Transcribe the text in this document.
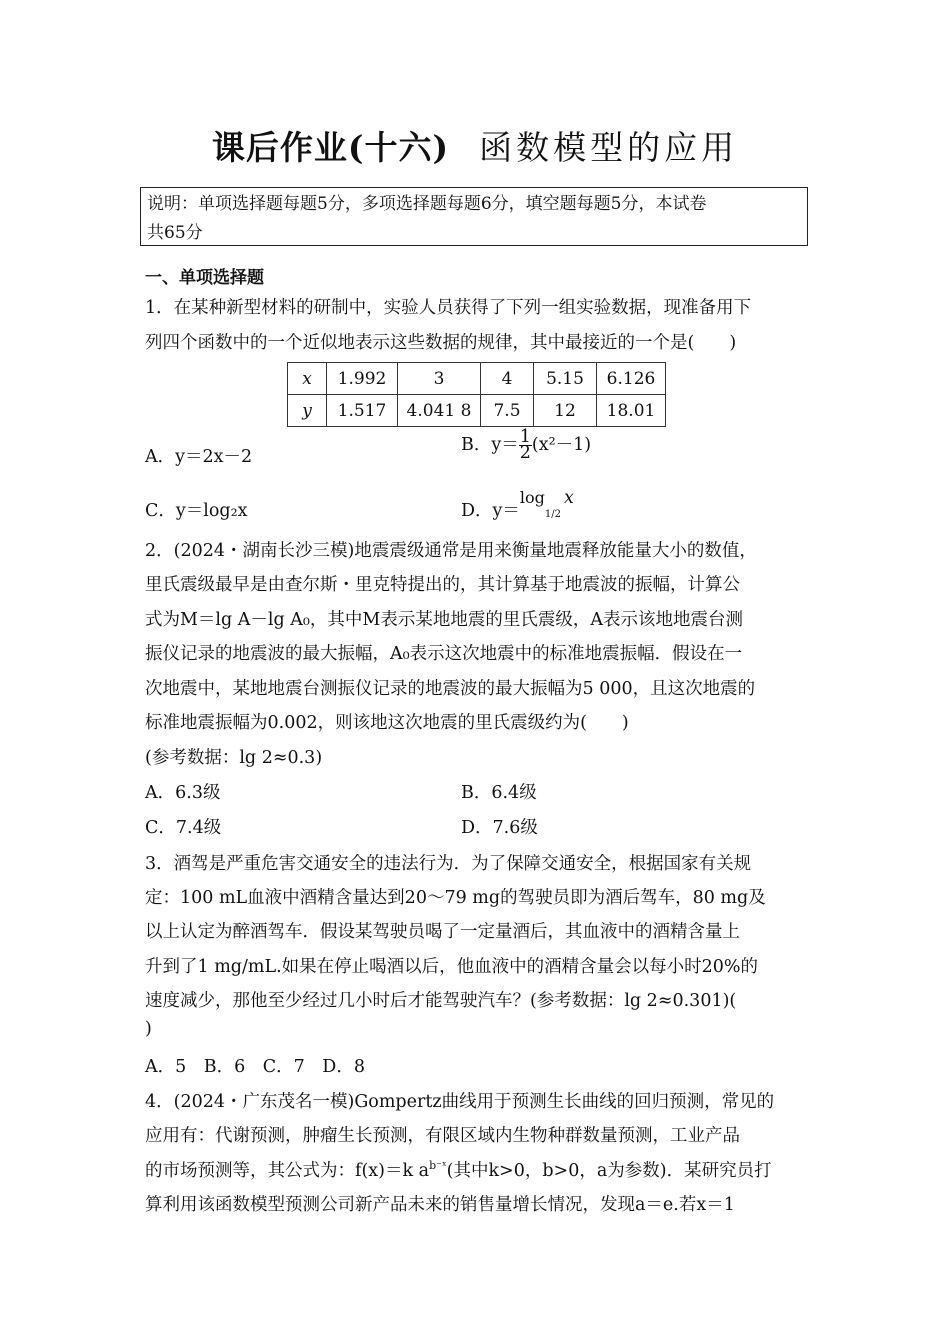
课后作业(十六) 函数模型的应用
说明：单项选择题每题5分，多项选择题每题6分，填空题每题5分，本试卷
共65分
一、单项选择题
1．在某种新型材料的研制中，实验人员获得了下列一组实验数据，现准备用下
列四个函数中的一个近似地表示这些数据的规律，其中最接近的一个是(　　)
x	1.992	3	4	5.15	6.126
y	1.517	4.041 8	7.5	12	18.01
A．y＝2x－2
B．$y= \frac{1}{2} (x^2-1)$
C．y＝log₂x	D．$y=\log_{1/2}x$
2．(2024・湖南长沙三模)地震震级通常是用来衡量地震释放能量大小的数值，
里氏震级最早是由查尔斯・里克特提出的，其计算基于地震波的振幅，计算公
式为M＝lg A－lg A₀，其中M表示某地地震的里氏震级，A表示该地地震台测
振仪记录的地震波的最大振幅，A₀表示这次地震中的标准地震振幅．假设在一
次地震中，某地地震台测振仪记录的地震波的最大振幅为5 000，且这次地震的
标准地震振幅为0.002，则该地这次地震的里氏震级约为(　　)
(参考数据：lg 2≈0.3)
A．6.3级	B．6.4级
C．7.4级	D．7.6级
3．酒驾是严重危害交通安全的违法行为．为了保障交通安全，根据国家有关规
定：100 mL血液中酒精含量达到20～79 mg的驾驶员即为酒后驾车，80 mg及
以上认定为醉酒驾车．假设某驾驶员喝了一定量酒后，其血液中的酒精含量上
升到了1 mg/mL.如果在停止喝酒以后，他血液中的酒精含量会以每小时20%的
速度减少，那他至少经过几小时后才能驾驶汽车？(参考数据：lg 2≈0.301)(
)
A．5　B．6　C．7　D．8
4．(2024・广东茂名一模)Gompertz曲线用于预测生长曲线的回归预测，常见的
应用有：代谢预测，肿瘤生长预测，有限区域内生物种群数量预测，工业产品
的市场预测等，其公式为：f(x)＝k $a^{b^-ˣ}$(其中k>0，b>0，a为参数)．某研究员打
算利用该函数模型预测公司新产品未来的销售量增长情况，发现a＝e.若x＝1
